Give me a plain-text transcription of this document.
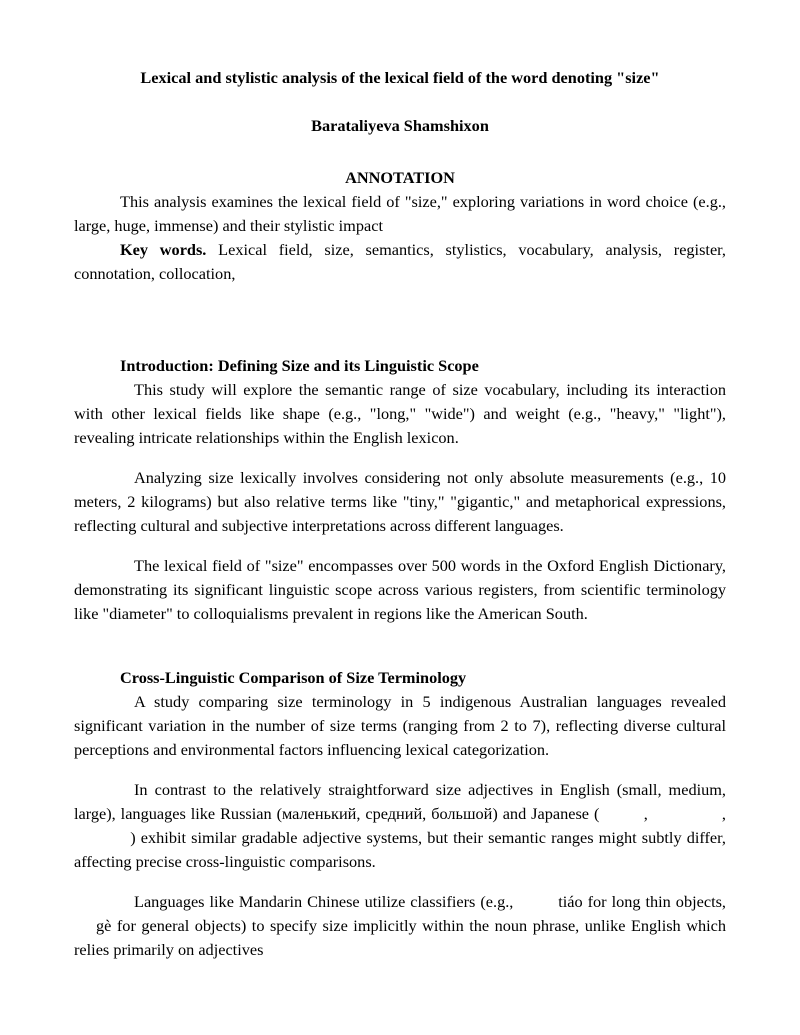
Lexical and stylistic analysis of the lexical field of the word denoting "size"

Barataliyeva Shamshixon

ANNOTATION

This analysis examines the lexical field of "size," exploring variations in word choice (e.g., large, huge, immense) and their stylistic impact

Key words. Lexical field, size, semantics, stylistics, vocabulary, analysis, register, connotation, collocation,

Introduction: Defining Size and its Linguistic Scope

This study will explore the semantic range of size vocabulary, including its interaction with other lexical fields like shape (e.g., "long," "wide") and weight (e.g., "heavy," "light"), revealing intricate relationships within the English lexicon.

Analyzing size lexically involves considering not only absolute measurements (e.g., 10 meters, 2 kilograms) but also relative terms like "tiny," "gigantic," and metaphorical expressions, reflecting cultural and subjective interpretations across different languages.

The lexical field of "size" encompasses over 500 words in the Oxford English Dictionary, demonstrating its significant linguistic scope across various registers, from scientific terminology like "diameter" to colloquialisms prevalent in regions like the American South.

Cross-Linguistic Comparison of Size Terminology

A study comparing size terminology in 5 indigenous Australian languages revealed significant variation in the number of size terms (ranging from 2 to 7), reflecting diverse cultural perceptions and environmental factors influencing lexical categorization.

In contrast to the relatively straightforward size adjectives in English (small, medium, large), languages like Russian (маленький, средний, большой) and Japanese (         ,               ,            ) exhibit similar gradable adjective systems, but their semantic ranges might subtly differ, affecting precise cross-linguistic comparisons.

Languages like Mandarin Chinese utilize classifiers (e.g.,         tiáo for long thin objects,     gè for general objects) to specify size implicitly within the noun phrase, unlike English which relies primarily on adjectives
